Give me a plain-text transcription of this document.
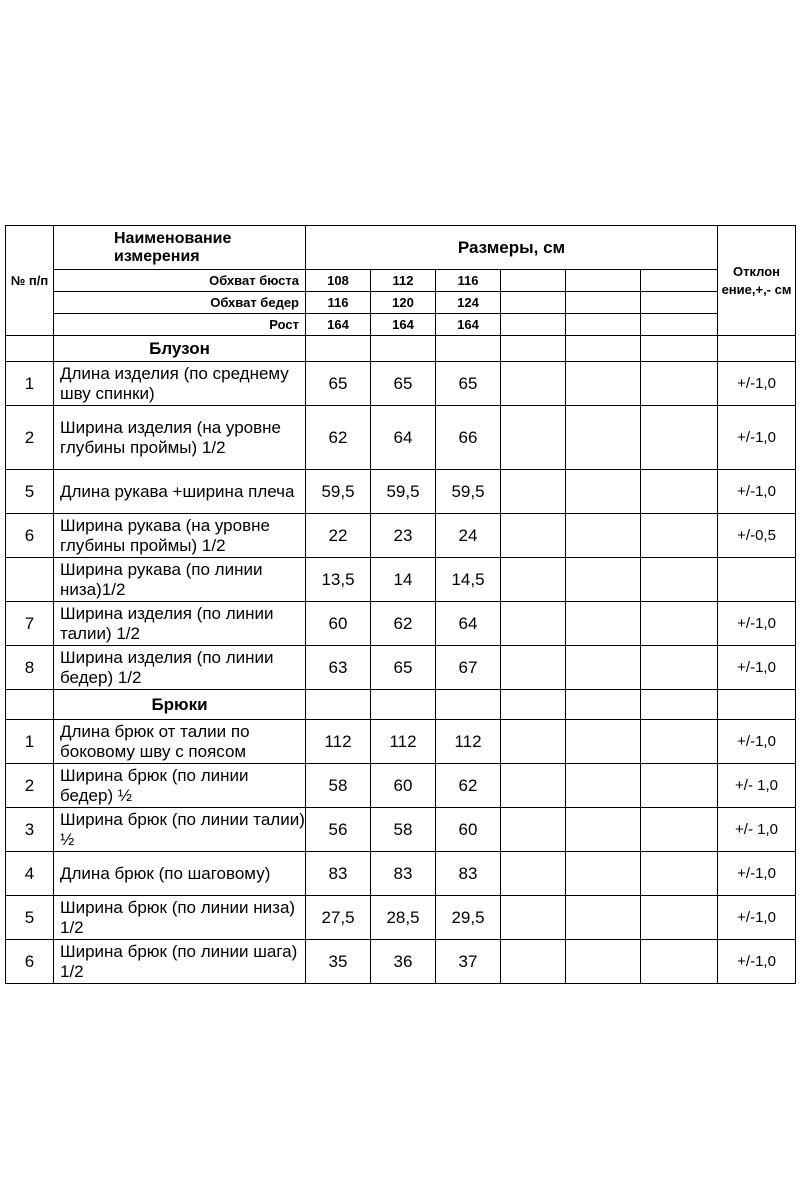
№ п/п	Наименование измерения	Размеры, см						Отклон ение,+,- см
	Обхват бюста	108	112	116				
	Обхват бедер	116	120	124				
	Рост	164	164	164				
	Блузон							
1	Длина изделия (по среднему шву спинки)	65	65	65				+/-1,0
2	Ширина изделия (на уровне глубины проймы) 1/2	62	64	66				+/-1,0
5	Длина рукава +ширина плеча	59,5	59,5	59,5				+/-1,0
6	Ширина рукава (на уровне глубины проймы) 1/2	22	23	24				+/-0,5
	Ширина рукава (по линии низа)1/2	13,5	14	14,5				
7	Ширина изделия (по линии талии) 1/2	60	62	64				+/-1,0
8	Ширина изделия (по линии бедер) 1/2	63	65	67				+/-1,0
	Брюки							
1	Длина брюк от талии по боковому шву с поясом	112	112	112				+/-1,0
2	Ширина брюк (по линии бедер) ½	58	60	62				+/- 1,0
3	Ширина брюк (по линии талии) ½	56	58	60				+/- 1,0
4	Длина брюк (по шаговому)	83	83	83				+/-1,0
5	Ширина брюк (по линии низа) 1/2	27,5	28,5	29,5				+/-1,0
6	Ширина брюк (по линии шага) 1/2	35	36	37				+/-1,0
